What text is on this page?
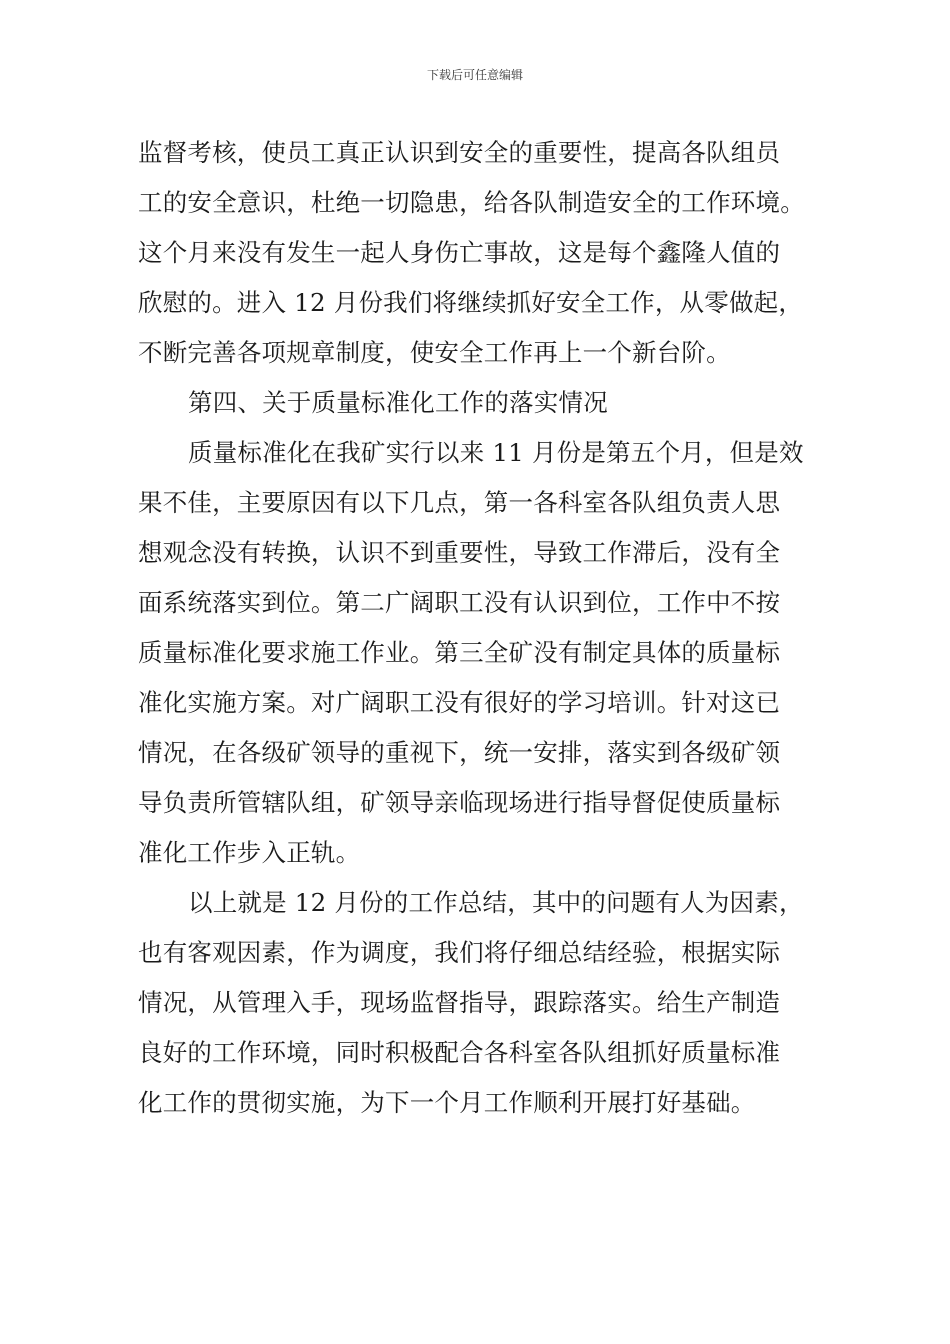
下载后可任意编辑

监督考核，使员工真正认识到安全的重要性，提高各队组员
工的安全意识，杜绝一切隐患，给各队制造安全的工作环境。
这个月来没有发生一起人身伤亡事故，这是每个鑫隆人值的
欣慰的。进入 12 月份我们将继续抓好安全工作，从零做起，
不断完善各项规章制度，使安全工作再上一个新台阶。

第四、关于质量标准化工作的落实情况

质量标准化在我矿实行以来 11 月份是第五个月，但是效
果不佳，主要原因有以下几点，第一各科室各队组负责人思
想观念没有转换，认识不到重要性，导致工作滞后，没有全
面系统落实到位。第二广阔职工没有认识到位，工作中不按
质量标准化要求施工作业。第三全矿没有制定具体的质量标
准化实施方案。对广阔职工没有很好的学习培训。针对这已
情况，在各级矿领导的重视下，统一安排，落实到各级矿领
导负责所管辖队组，矿领导亲临现场进行指导督促使质量标
准化工作步入正轨。

以上就是 12 月份的工作总结，其中的问题有人为因素，
也有客观因素，作为调度，我们将仔细总结经验，根据实际
情况，从管理入手，现场监督指导，跟踪落实。给生产制造
良好的工作环境，同时积极配合各科室各队组抓好质量标准
化工作的贯彻实施，为下一个月工作顺利开展打好基础。
